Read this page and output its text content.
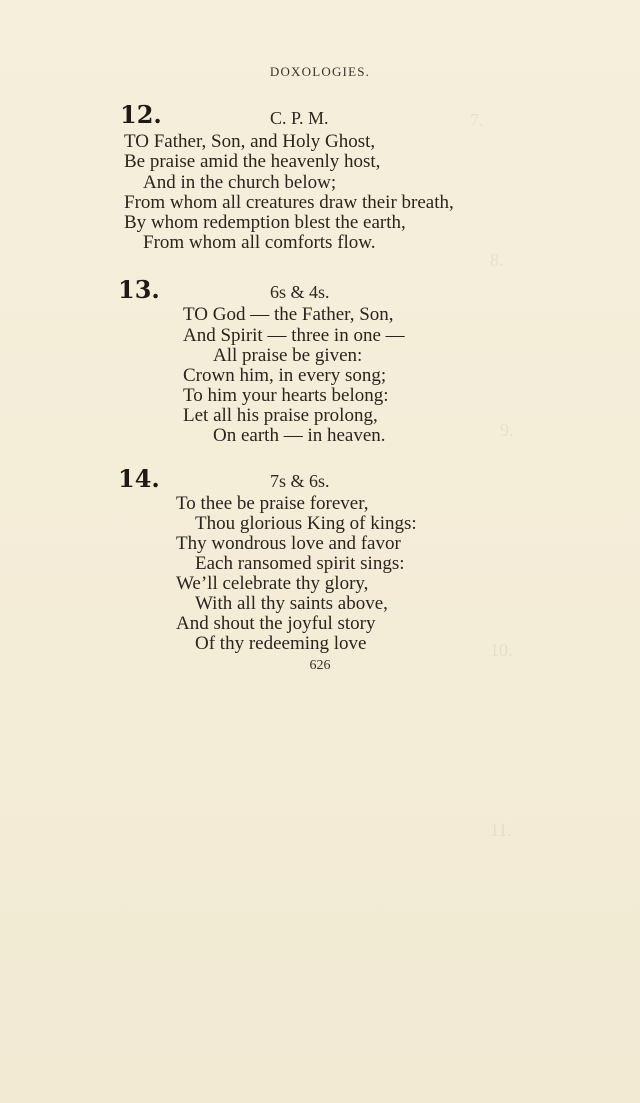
7.
8.
9.
10.
11.
DOXOLOGIES.
12.	C. P. M.
TO Father, Son, and Holy Ghost,
Be praise amid the heavenly host,
And in the church below;
From whom all creatures draw their breath,
By whom redemption blest the earth,
From whom all comforts flow.
13.	6s & 4s.
TO God — the Father, Son,
And Spirit — three in one —
All praise be given:
Crown him, in every song;
To him your hearts belong:
Let all his praise prolong,
On earth — in heaven.
14.	7s & 6s.
To thee be praise forever,
Thou glorious King of kings:
Thy wondrous love and favor
Each ransomed spirit sings:
We’ll celebrate thy glory,
With all thy saints above,
And shout the joyful story
Of thy redeeming love
626
